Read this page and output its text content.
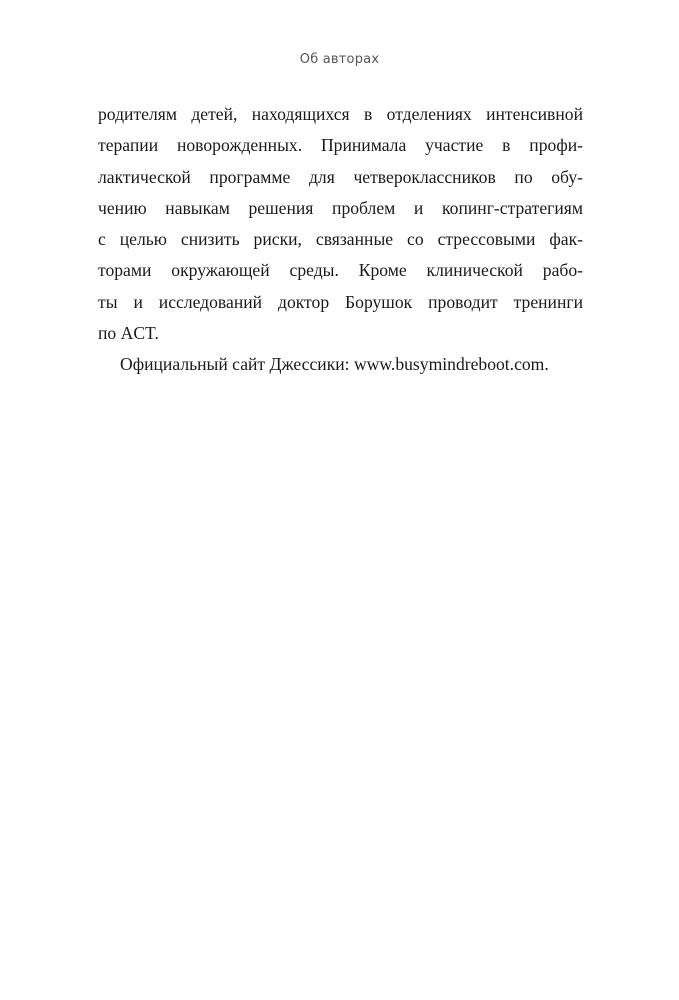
Об авторах
родителям детей, находящихся в отделениях интенсивной
терапии новорожденных. Принимала участие в профи-
лактической программе для четвероклассников по обу-
чению навыкам решения проблем и копинг-стратегиям
с целью снизить риски, связанные со стрессовыми фак-
торами окружающей среды. Кроме клинической рабо-
ты и исследований доктор Борушок проводит тренинги
по ACT.
Официальный сайт Джессики: www.busymindreboot.com.
